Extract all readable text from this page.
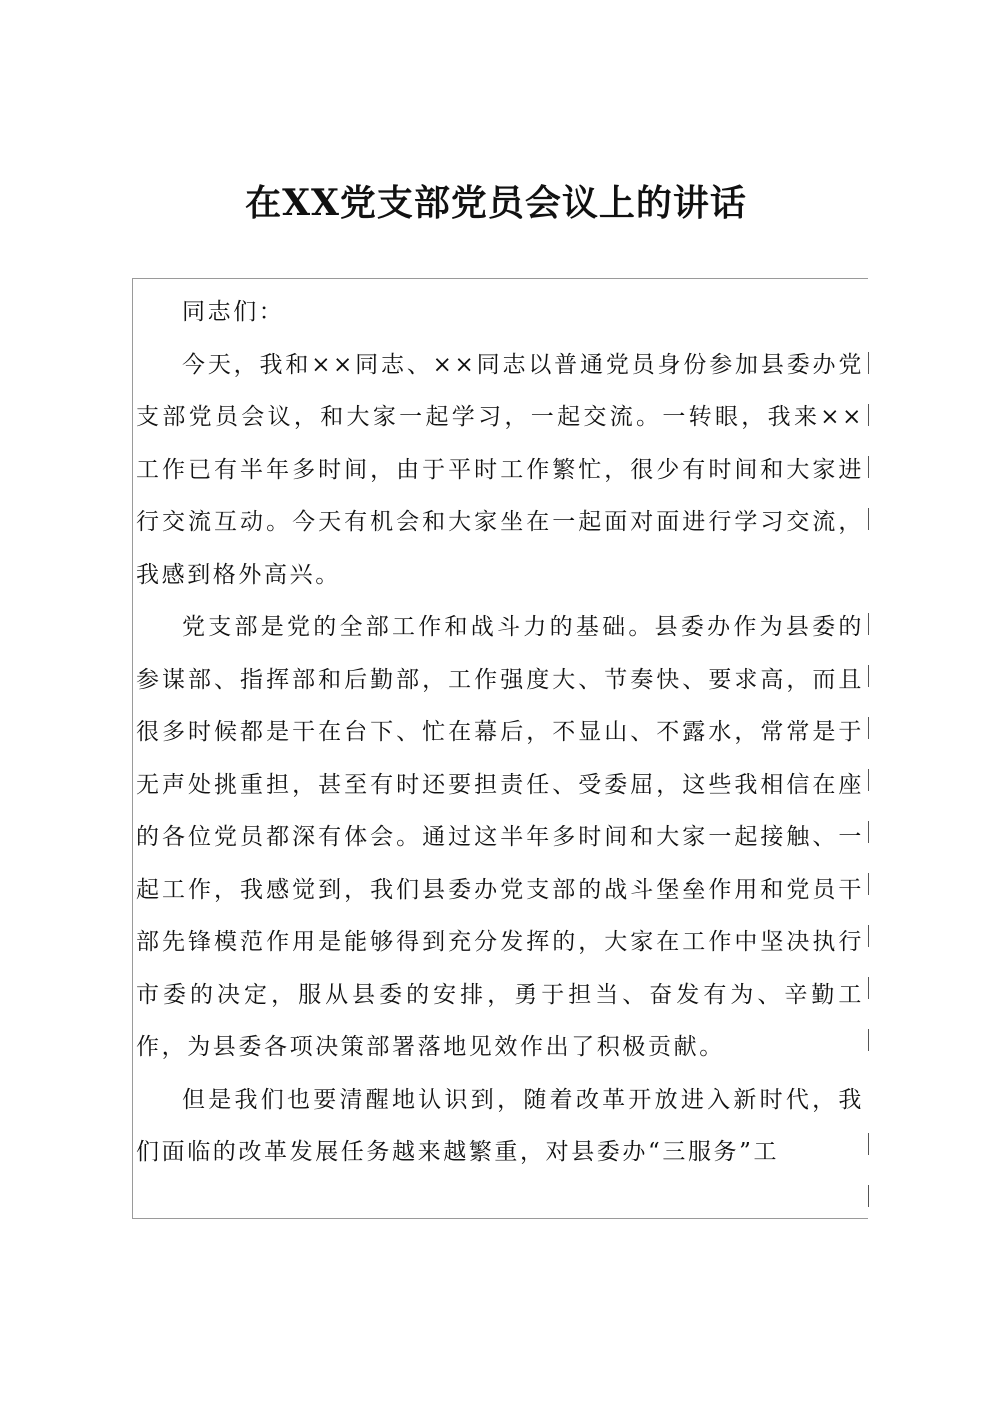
在XX党支部党员会议上的讲话

同志们：

今天，我和××同志、××同志以普通党员身份参加县委办党支部党员会议，和大家一起学习，一起交流。一转眼，我来××工作已有半年多时间，由于平时工作繁忙，很少有时间和大家进行交流互动。今天有机会和大家坐在一起面对面进行学习交流，我感到格外高兴。

党支部是党的全部工作和战斗力的基础。县委办作为县委的参谋部、指挥部和后勤部，工作强度大、节奏快、要求高，而且很多时候都是干在台下、忙在幕后，不显山、不露水，常常是于无声处挑重担，甚至有时还要担责任、受委屈，这些我相信在座的各位党员都深有体会。通过这半年多时间和大家一起接触、一起工作，我感觉到，我们县委办党支部的战斗堡垒作用和党员干部先锋模范作用是能够得到充分发挥的，大家在工作中坚决执行市委的决定，服从县委的安排，勇于担当、奋发有为、辛勤工作，为县委各项决策部署落地见效作出了积极贡献。

但是我们也要清醒地认识到，随着改革开放进入新时代，我们面临的改革发展任务越来越繁重，对县委办“三服务”工
